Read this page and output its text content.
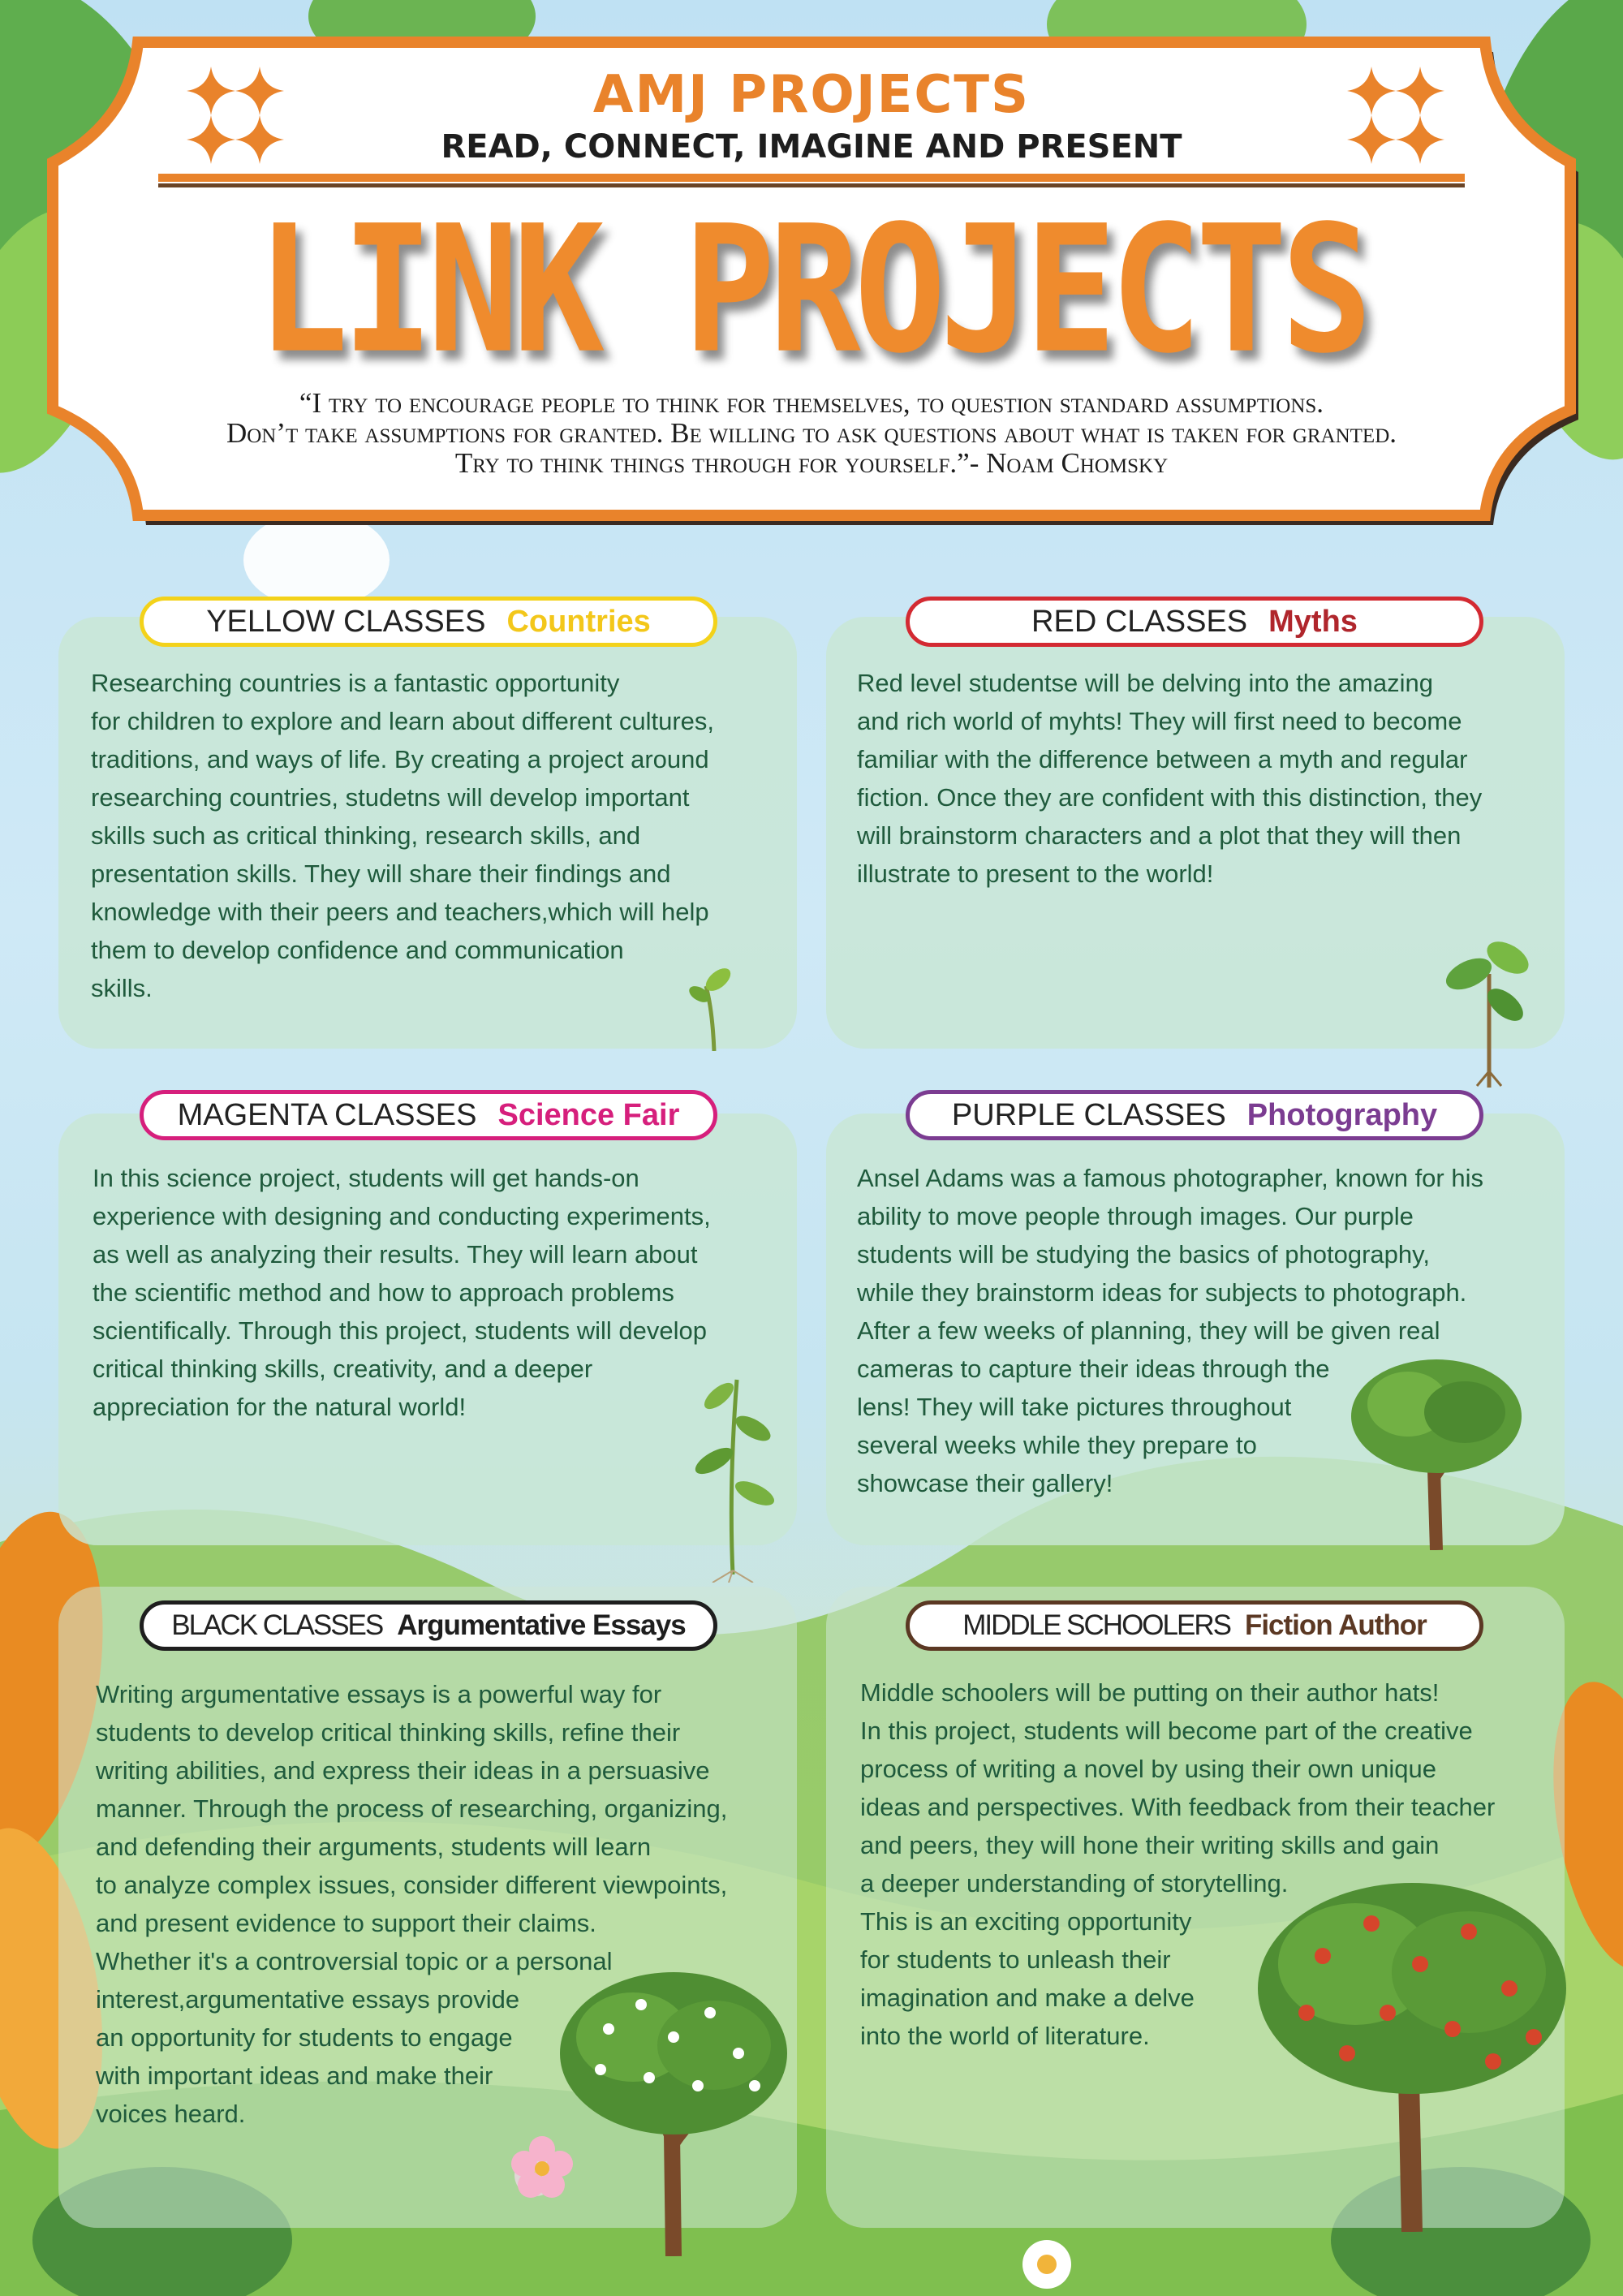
AMJ PROJECTS
READ, CONNECT, IMAGINE AND PRESENT
LINK PROJECTS
“I try to encourage people to think for themselves, to question standard assumptions.
Don’t take assumptions for granted. Be willing to ask questions about what is taken for granted.
Try to think things through for yourself.”- Noam Chomsky
YELLOW CLASSES Countries

Researching countries is a fantastic opportunity

for children to explore and learn about different cultures,

traditions, and ways of life. By creating a project around

researching countries, studetns will develop important

skills such as critical thinking, research skills, and

presentation skills. They will share their findings and

knowledge with their peers and teachers,which will help

them to develop confidence and communication

skills.

RED CLASSES Myths

Red level studentse will be delving into the amazing

and rich world of myhts! They will first need to become

familiar with the difference between a myth and regular

fiction. Once they are confident with this distinction, they

will brainstorm characters and a plot that they will then

illustrate to present to the world!

MAGENTA CLASSES Science Fair

In this science project, students will get hands-on

experience with designing and conducting experiments,

as well as analyzing their results. They will learn about

the scientific method and how to approach problems

scientifically. Through this project, students will develop

critical thinking skills, creativity, and a deeper

appreciation for the natural world!

PURPLE CLASSES Photography

Ansel Adams was a famous photographer, known for his

ability to move people through images. Our purple

students will be studying the basics of photography,

while they brainstorm ideas for subjects to photograph.

After a few weeks of planning, they will be given real

cameras to capture their ideas through the

lens! They will take pictures throughout

several weeks while they prepare to

showcase their gallery!

BLACK CLASSES Argumentative Essays

Writing argumentative essays is a powerful way for

students to develop critical thinking skills, refine their

writing abilities, and express their ideas in a persuasive

manner. Through the process of researching, organizing,

and defending their arguments, students will learn

to analyze complex issues, consider different viewpoints,

and present evidence to support their claims.

Whether it's a controversial topic or a personal

interest,argumentative essays provide

an opportunity for students to engage

with important ideas and make their

voices heard.

MIDDLE SCHOOLERS Fiction Author

Middle schoolers will be putting on their author hats!

In this project, students will become part of the creative

process of writing a novel by using their own unique

ideas and perspectives. With feedback from their teacher

and peers, they will hone their writing skills and gain

a deeper understanding of storytelling.

This is an exciting opportunity

for students to unleash their

imagination and make a delve

into the world of literature.
